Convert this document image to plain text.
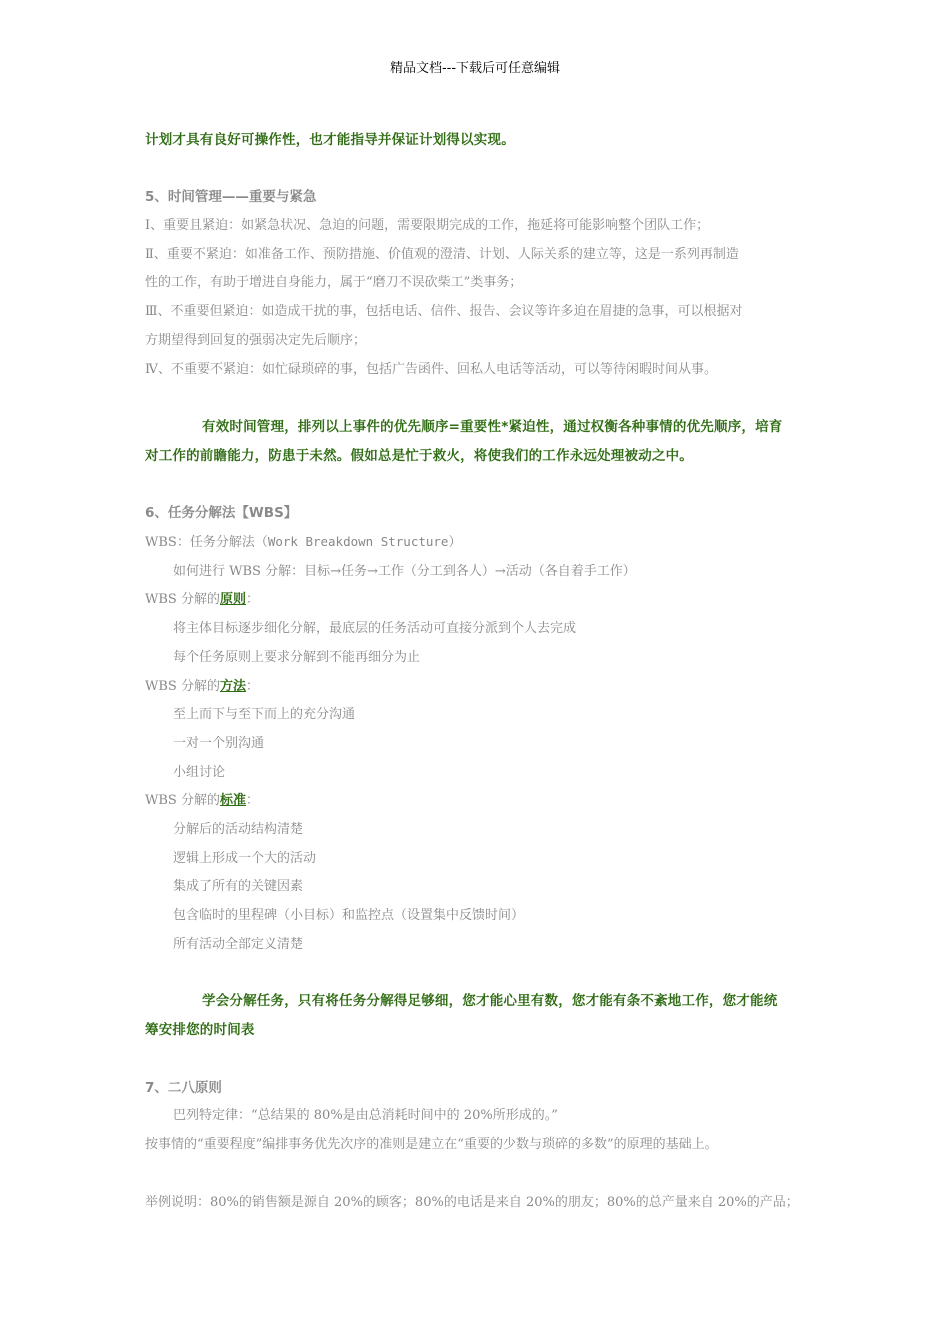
精品文档---下载后可任意编辑

计划才具有良好可操作性，也才能指导并保证计划得以实现。

5、时间管理——重要与紧急

Ⅰ、重要且紧迫：如紧急状况、急迫的问题，需要限期完成的工作，拖延将可能影响整个团队工作；

Ⅱ、重要不紧迫：如准备工作、预防措施、价值观的澄清、计划、人际关系的建立等，这是一系列再制造

性的工作，有助于增进自身能力，属于“磨刀不误砍柴工”类事务；

Ⅲ、不重要但紧迫：如造成干扰的事，包括电话、信件、报告、会议等许多迫在眉捷的急事，可以根据对

方期望得到回复的强弱决定先后顺序；

Ⅳ、不重要不紧迫：如忙碌琐碎的事，包括广告函件、回私人电话等活动，可以等待闲暇时间从事。

有效时间管理，排列以上事件的优先顺序=重要性*紧迫性，通过权衡各种事情的优先顺序，培育

对工作的前瞻能力，防患于未然。假如总是忙于救火，将使我们的工作永远处理被动之中。

6、任务分解法【WBS】

WBS：任务分解法（Work Breakdown Structure）

如何进行 WBS 分解：目标→任务→工作（分工到各人）→活动（各自着手工作）

WBS 分解的原则：

将主体目标逐步细化分解，最底层的任务活动可直接分派到个人去完成

每个任务原则上要求分解到不能再细分为止

WBS 分解的方法：

至上而下与至下而上的充分沟通

一对一个别沟通

小组讨论

WBS 分解的标准：

分解后的活动结构清楚

逻辑上形成一个大的活动

集成了所有的关键因素

包含临时的里程碑（小目标）和监控点（设置集中反馈时间）

所有活动全部定义清楚

学会分解任务，只有将任务分解得足够细，您才能心里有数，您才能有条不紊地工作，您才能统

筹安排您的时间表

7、二八原则

巴列特定律：“总结果的 80%是由总消耗时间中的 20%所形成的。”

按事情的“重要程度”编排事务优先次序的准则是建立在“重要的少数与琐碎的多数”的原理的基础上。

举例说明：80%的销售额是源自 20%的顾客；80%的电话是来自 20%的朋友；80%的总产量来自 20%的产品；
